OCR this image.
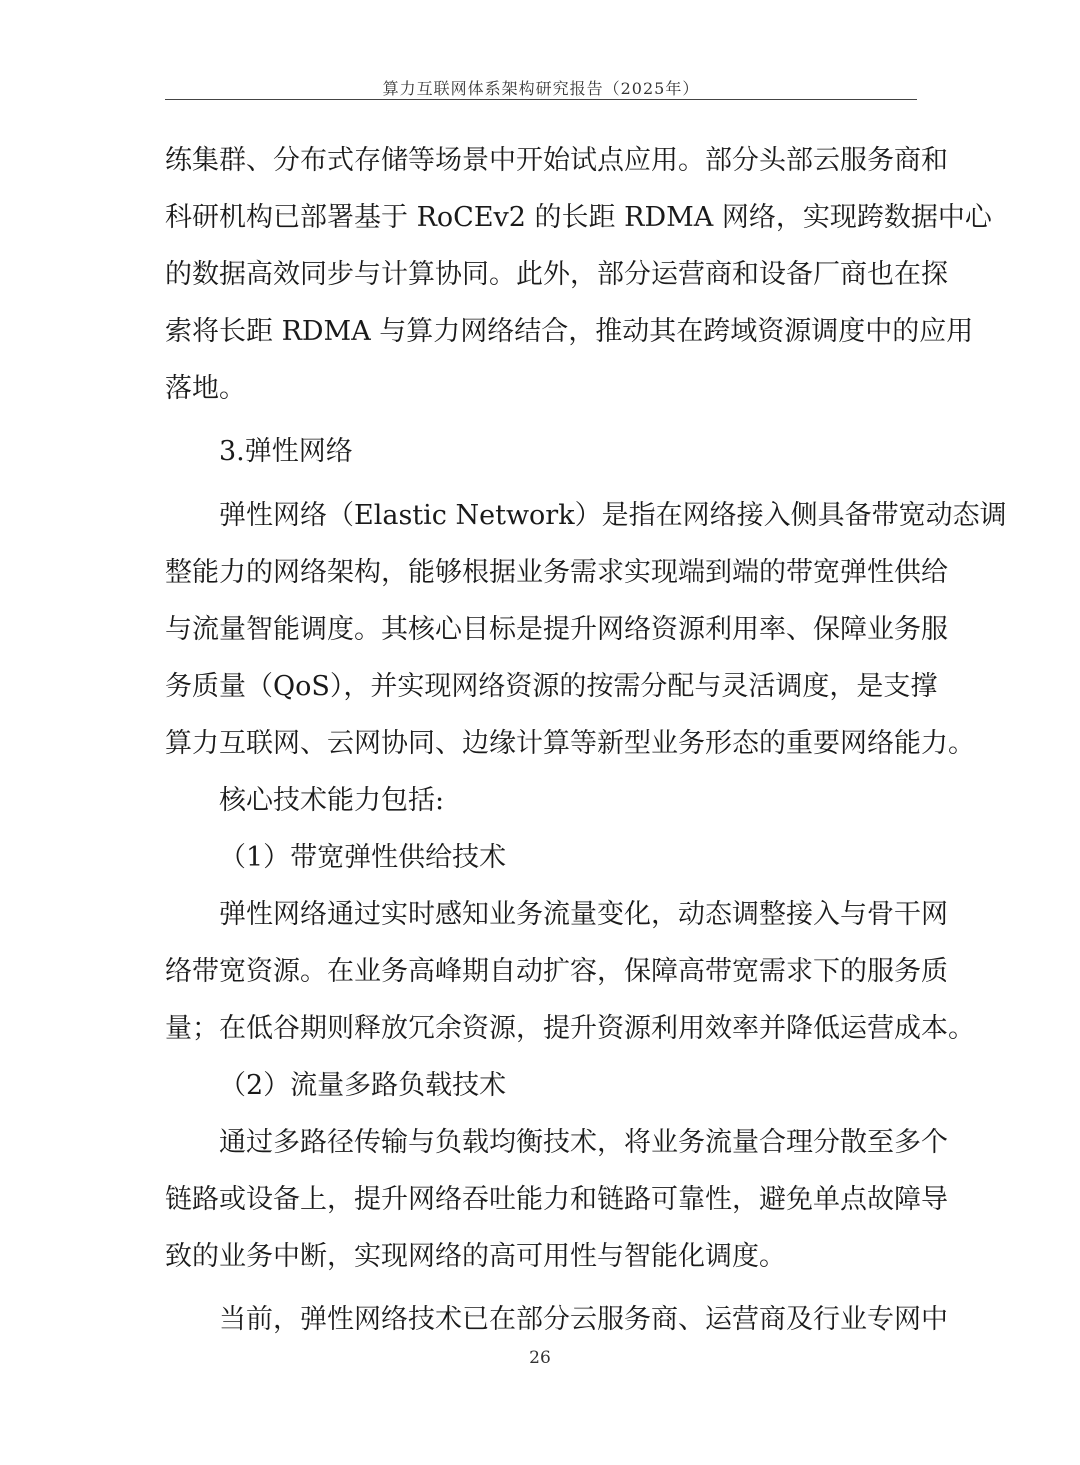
算力互联网体系架构研究报告（2025年）
练集群、分布式存储等场景中开始试点应用。部分头部云服务商和
科研机构已部署基于 RoCEv2 的长距 RDMA 网络，实现跨数据中心
的数据高效同步与计算协同。此外，部分运营商和设备厂商也在探
索将长距 RDMA 与算力网络结合，推动其在跨域资源调度中的应用
落地。
3.弹性网络
弹性网络（Elastic Network）是指在网络接入侧具备带宽动态调
整能力的网络架构，能够根据业务需求实现端到端的带宽弹性供给
与流量智能调度。其核心目标是提升网络资源利用率、保障业务服
务质量（QoS），并实现网络资源的按需分配与灵活调度，是支撑
算力互联网、云网协同、边缘计算等新型业务形态的重要网络能力。
核心技术能力包括:
（1）带宽弹性供给技术
弹性网络通过实时感知业务流量变化，动态调整接入与骨干网
络带宽资源。在业务高峰期自动扩容，保障高带宽需求下的服务质
量；在低谷期则释放冗余资源，提升资源利用效率并降低运营成本。
（2）流量多路负载技术
通过多路径传输与负载均衡技术，将业务流量合理分散至多个
链路或设备上，提升网络吞吐能力和链路可靠性，避免单点故障导
致的业务中断，实现网络的高可用性与智能化调度。
当前，弹性网络技术已在部分云服务商、运营商及行业专网中
26
